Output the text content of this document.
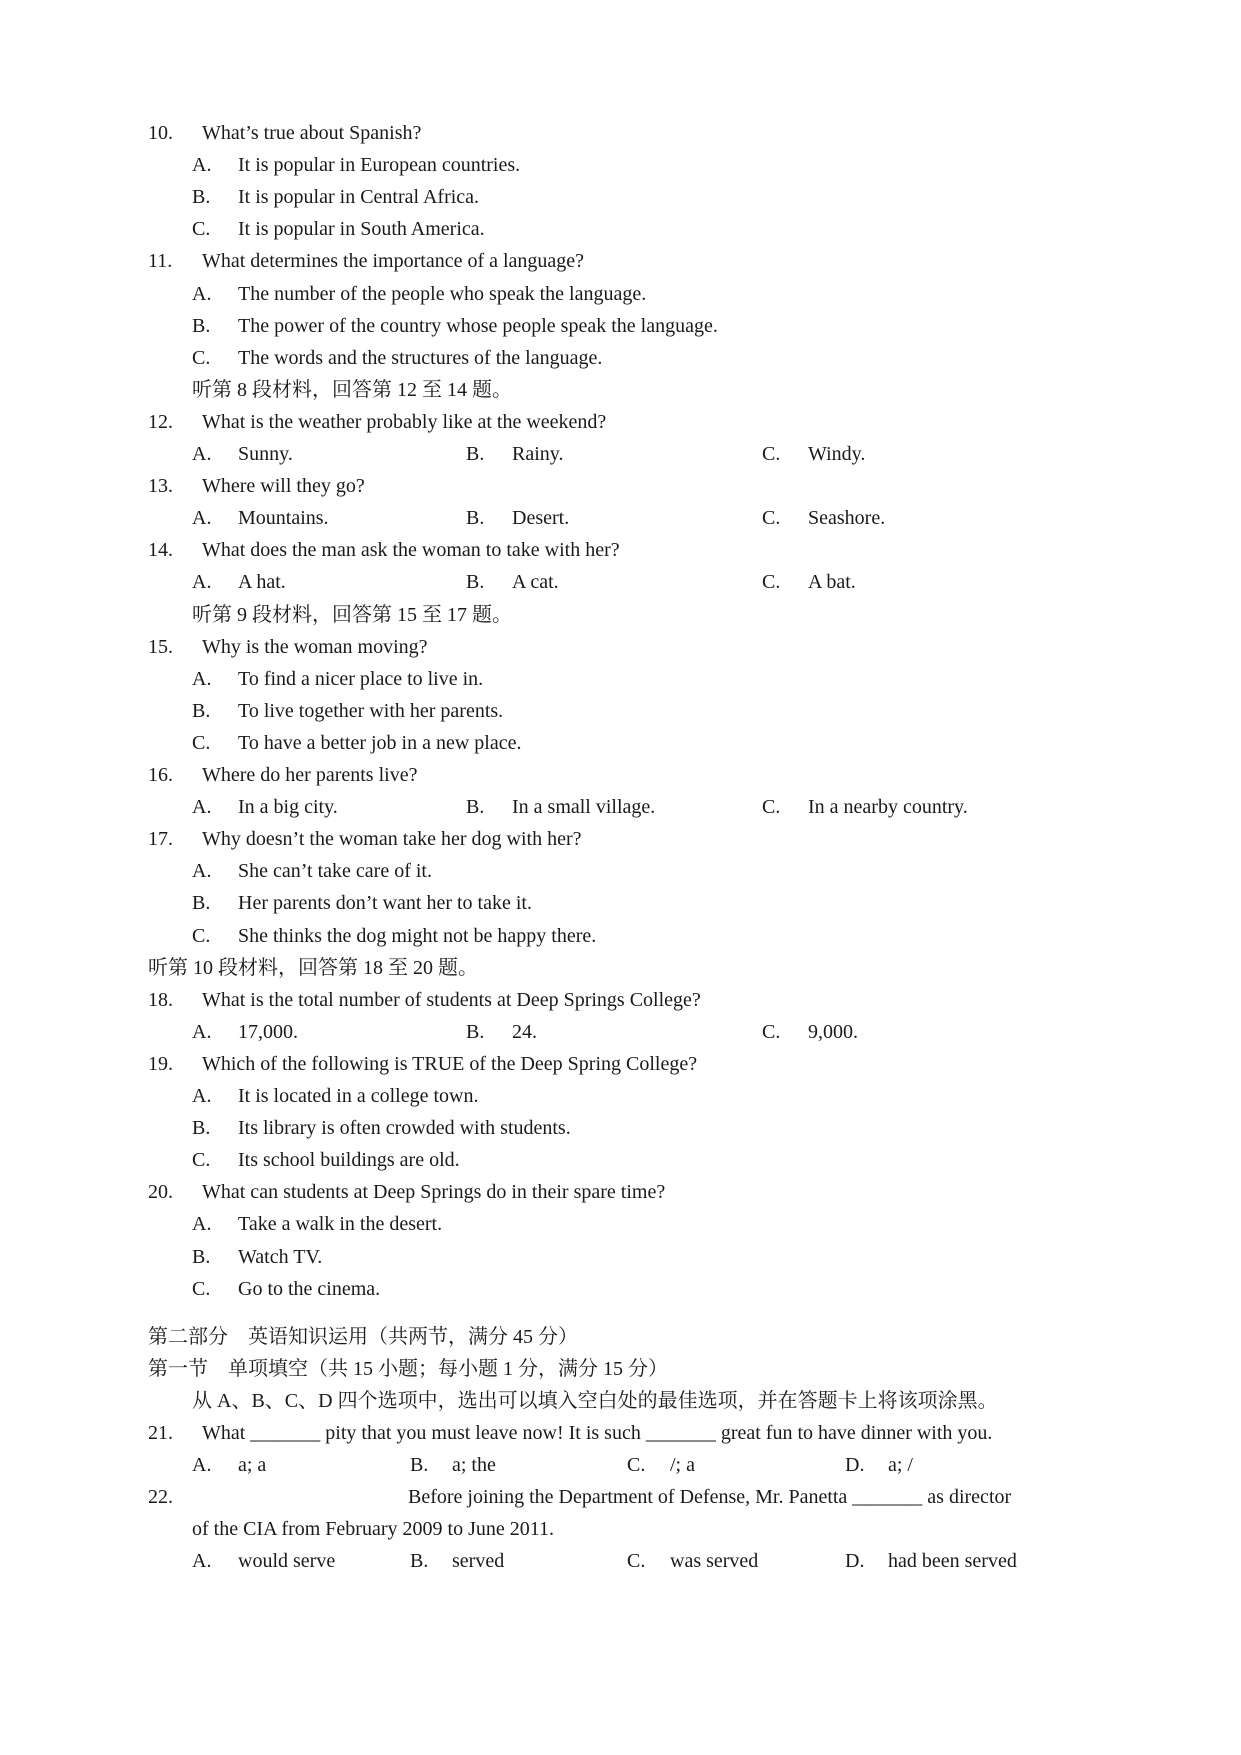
10. What’s true about Spanish?
A. It is popular in European countries.
B. It is popular in Central Africa.
C. It is popular in South America.
11. What determines the importance of a language?
A. The number of the people who speak the language.
B. The power of the country whose people speak the language.
C. The words and the structures of the language.
听第 8 段材料，回答第 12 至 14 题。
12. What is the weather probably like at the weekend?
A. Sunny.	B. Rainy.	C. Windy.
13. Where will they go?
A. Mountains.	B. Desert.	C. Seashore.
14. What does the man ask the woman to take with her?
A. A hat.	B. A cat.	C. A bat.
听第 9 段材料，回答第 15 至 17 题。
15. Why is the woman moving?
A. To find a nicer place to live in.
B. To live together with her parents.
C. To have a better job in a new place.
16. Where do her parents live?
A. In a big city.	B. In a small village.	C. In a nearby country.
17. Why doesn’t the woman take her dog with her?
A. She can’t take care of it.
B. Her parents don’t want her to take it.
C. She thinks the dog might not be happy there.
听第 10 段材料，回答第 18 至 20 题。
18. What is the total number of students at Deep Springs College?
A. 17,000.	B. 24.	C. 9,000.
19. Which of the following is TRUE of the Deep Spring College?
A. It is located in a college town.
B. Its library is often crowded with students.
C. Its school buildings are old.
20. What can students at Deep Springs do in their spare time?
A. Take a walk in the desert.
B. Watch TV.
C. Go to the cinema.
第二部分　英语知识运用（共两节，满分 45 分）
第一节　单项填空（共 15 小题；每小题 1 分，满分 15 分）
从 A、B、C、D 四个选项中，选出可以填入空白处的最佳选项，并在答题卡上将该项涂黑。
21. What _______ pity that you must leave now! It is such _______ great fun to have dinner with you.
A. a; a	B. a; the	C. /; a	D. a; /
22.	Before joining the Department of Defense, Mr. Panetta _______ as director
of the CIA from February 2009 to June 2011.
A. would serve	B. served	C. was served	D. had been served
